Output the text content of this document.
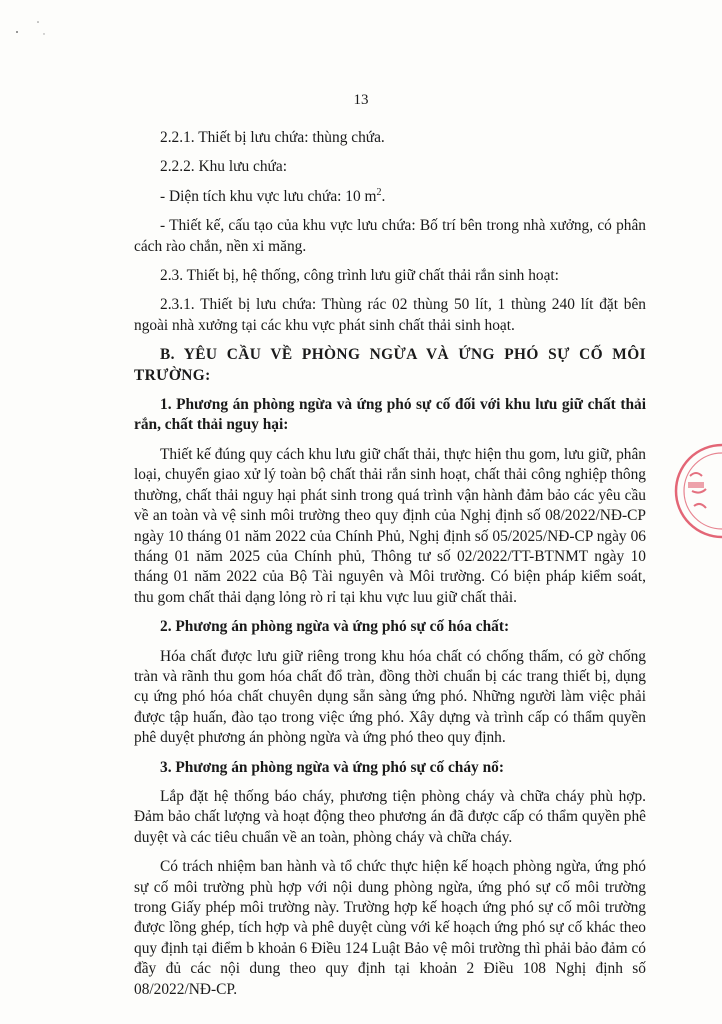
13

2.2.1. Thiết bị lưu chứa: thùng chứa.

2.2.2. Khu lưu chứa:

- Diện tích khu vực lưu chứa: 10 $m^2$.

- Thiết kế, cấu tạo của khu vực lưu chứa: Bố trí bên trong nhà xưởng, có phân cách rào chắn, nền xi măng.

2.3. Thiết bị, hệ thống, công trình lưu giữ chất thải rắn sinh hoạt:

2.3.1. Thiết bị lưu chứa: Thùng rác 02 thùng 50 lít, 1 thùng 240 lít đặt bên ngoài nhà xưởng tại các khu vực phát sinh chất thải sinh hoạt.

B. YÊU CẦU VỀ PHÒNG NGỪA VÀ ỨNG PHÓ SỰ CỐ MÔI TRƯỜNG:

1. Phương án phòng ngừa và ứng phó sự cố đối với khu lưu giữ chất thải rắn, chất thải nguy hại:

Thiết kế đúng quy cách khu lưu giữ chất thải, thực hiện thu gom, lưu giữ, phân loại, chuyển giao xử lý toàn bộ chất thải rắn sinh hoạt, chất thải công nghiệp thông thường, chất thải nguy hại phát sinh trong quá trình vận hành đảm bảo các yêu cầu về an toàn và vệ sinh môi trường theo quy định của Nghị định số 08/2022/NĐ-CP ngày 10 tháng 01 năm 2022 của Chính Phủ, Nghị định số 05/2025/NĐ-CP ngày 06 tháng 01 năm 2025 của Chính phủ, Thông tư số 02/2022/TT-BTNMT ngày 10 tháng 01 năm 2022 của Bộ Tài nguyên và Môi trường. Có biện pháp kiểm soát, thu gom chất thải dạng lỏng rò rỉ tại khu vực luu giữ chất thải.

2. Phương án phòng ngừa và ứng phó sự cố hóa chất:

Hóa chất được lưu giữ riêng trong khu hóa chất có chống thấm, có gờ chống tràn và rãnh thu gom hóa chất đổ tràn, đồng thời chuẩn bị các trang thiết bị, dụng cụ ứng phó hóa chất chuyên dụng sẵn sàng ứng phó. Những người làm việc phải được tập huấn, đào tạo trong việc ứng phó. Xây dựng và trình cấp có thẩm quyền phê duyệt phương án phòng ngừa và ứng phó theo quy định.

3. Phương án phòng ngừa và ứng phó sự cố cháy nổ:

Lắp đặt hệ thống báo cháy, phương tiện phòng cháy và chữa cháy phù hợp. Đảm bảo chất lượng và hoạt động theo phương án đã được cấp có thẩm quyền phê duyệt và các tiêu chuẩn về an toàn, phòng cháy và chữa cháy.

Có trách nhiệm ban hành và tổ chức thực hiện kế hoạch phòng ngừa, ứng phó sự cố môi trường phù hợp với nội dung phòng ngừa, ứng phó sự cố môi trường trong Giấy phép môi trường này. Trường hợp kế hoạch ứng phó sự cố môi trường được lồng ghép, tích hợp và phê duyệt cùng với kế hoạch ứng phó sự cố khác theo quy định tại điểm b khoản 6 Điều 124 Luật Bảo vệ môi trường thì phải bảo đảm có đầy đủ các nội dung theo quy định tại khoản 2 Điều 108 Nghị định số 08/2022/NĐ-CP.
